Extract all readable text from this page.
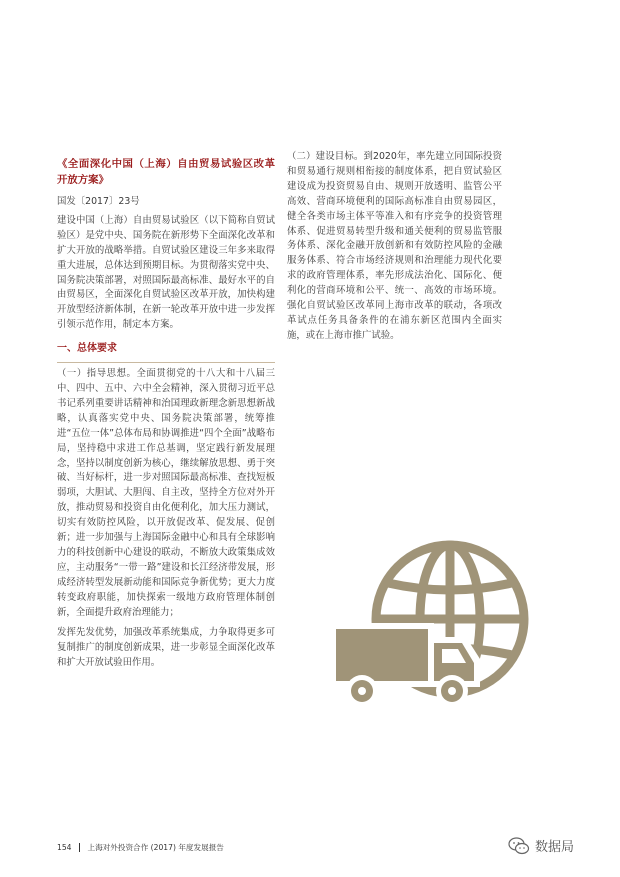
《全面深化中国（上海）自由贸易试验区改革开放方案》

国发〔2017〕23号

建设中国（上海）自由贸易试验区（以下简称自贸试验区）是党中央、国务院在新形势下全面深化改革和扩大开放的战略举措。自贸试验区建设三年多来取得重大进展，总体达到预期目标。为贯彻落实党中央、国务院决策部署，对照国际最高标准、最好水平的自由贸易区，全面深化自贸试验区改革开放，加快构建开放型经济新体制，在新一轮改革开放中进一步发挥引领示范作用，制定本方案。

一、总体要求

（一）指导思想。全面贯彻党的十八大和十八届三中、四中、五中、六中全会精神，深入贯彻习近平总书记系列重要讲话精神和治国理政新理念新思想新战略，认真落实党中央、国务院决策部署，统筹推进“五位一体”总体布局和协调推进“四个全面”战略布局，坚持稳中求进工作总基调，坚定践行新发展理念，坚持以制度创新为核心，继续解放思想、勇于突破、当好标杆，进一步对照国际最高标准、查找短板弱项，大胆试、大胆闯、自主改，坚持全方位对外开放，推动贸易和投资自由化便利化，加大压力测试，切实有效防控风险，以开放促改革、促发展、促创新；进一步加强与上海国际金融中心和具有全球影响力的科技创新中心建设的联动，不断放大政策集成效应，主动服务“一带一路”建设和长江经济带发展，形成经济转型发展新动能和国际竞争新优势；更大力度转变政府职能，加快探索一级地方政府管理体制创新，全面提升政府治理能力；

发挥先发优势，加强改革系统集成，力争取得更多可复制推广的制度创新成果，进一步彰显全面深化改革和扩大开放试验田作用。

（二）建设目标。到2020年，率先建立同国际投资和贸易通行规则相衔接的制度体系，把自贸试验区建设成为投资贸易自由、规则开放透明、监管公平高效、营商环境便利的国际高标准自由贸易园区，健全各类市场主体平等准入和有序竞争的投资管理体系、促进贸易转型升级和通关便利的贸易监管服务体系、深化金融开放创新和有效防控风险的金融服务体系、符合市场经济规则和治理能力现代化要求的政府管理体系，率先形成法治化、国际化、便利化的营商环境和公平、统一、高效的市场环境。强化自贸试验区改革同上海市改革的联动，各项改革试点任务具备条件的在浦东新区范围内全面实施，或在上海市推广试验。

154 上海对外投资合作 (2017) 年度发展报告	数据局
